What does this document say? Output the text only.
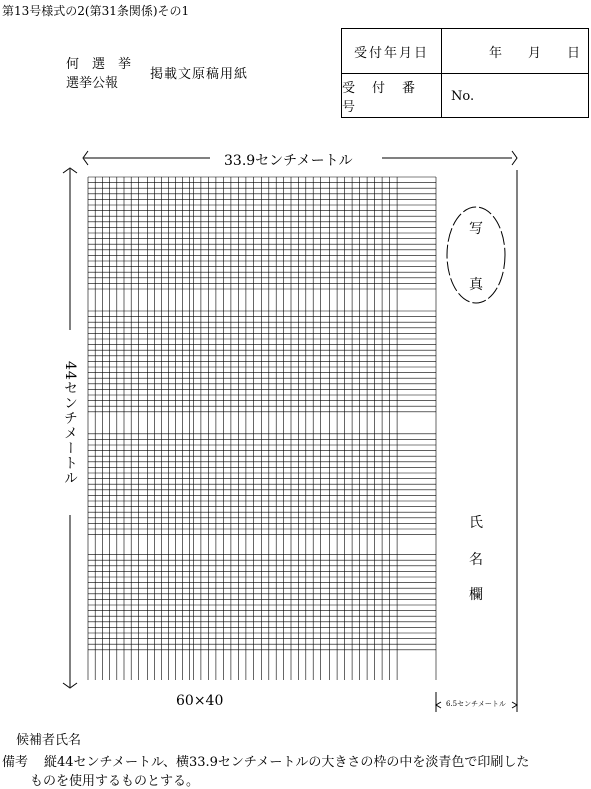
第13号様式の2(第31条関係)その1
何　選　挙
選挙公報
掲載文原稿用紙
受付年月日	年　　月　　日
受　付　番　号
No.
33.9センチメートル
44センチメートル
6.5センチメートル
60×40
写
真
氏
名
欄
候補者氏名
備考 縦44センチメートル、横33.9センチメートルの大きさの枠の中を淡青色で印刷した
ものを使用するものとする。
